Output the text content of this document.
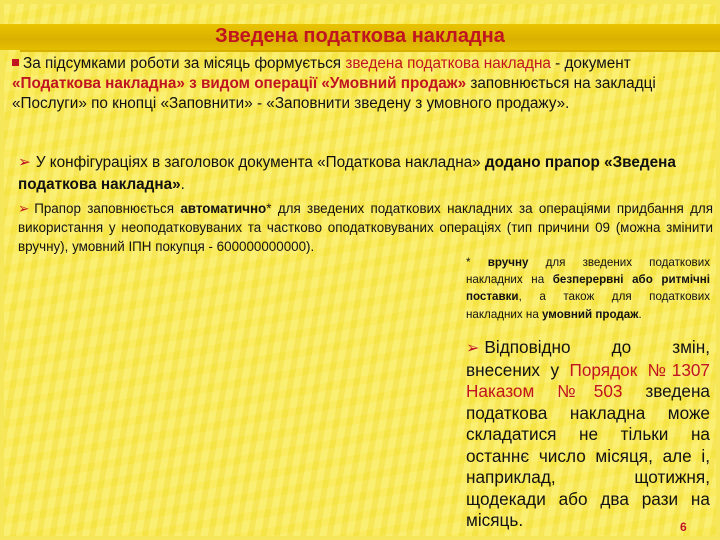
Зведена податкова накладна
За підсумками роботи за місяць формується зведена податкова накладна - документ «Податкова накладна» з видом операції «Умовний продаж» заповнюється на закладці «Послуги» по кнопці «Заповнити» - «Заповнити зведену з умовного продажу».
➢ У конфігураціях в заголовок документа «Податкова накладна» додано прапор «Зведена податкова накладна».
➢ Прапор заповнюється автоматично* для зведених податкових накладних за операціями придбання для використання у неоподатковуваних та частково оподатковуваних операціях (тип причини 09 (можна змінити вручну), умовний ІПН покупця - 600000000000).
* вручну для зведених податкових накладних на безперервні або ритмічні поставки, а також для податкових накладних на умовний продаж.
➢ Відповідно до змін, внесених у Порядок №1307 Наказом №503 зведена податкова накладна може складатися не тільки на останнє число місяця, але і, наприклад, щотижня, щодекади або два рази на місяць.	6
